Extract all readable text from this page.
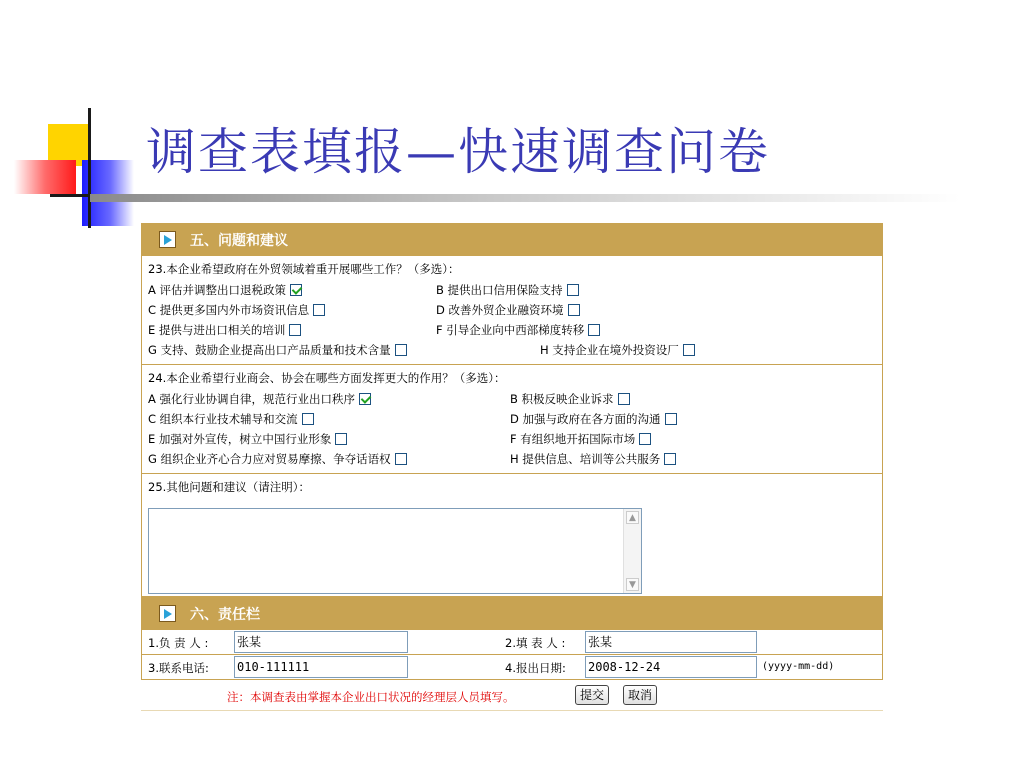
调查表填报—快速调查问卷
五、问题和建议
23.本企业希望政府在外贸领域着重开展哪些工作？（多选）：
A 评估并调整出口退税政策	B 提供出口信用保险支持
C 提供更多国内外市场资讯信息	D 改善外贸企业融资环境
E 提供与进出口相关的培训	F 引导企业向中西部梯度转移
G 支持、鼓励企业提高出口产品质量和技术含量	H 支持企业在境外投资设厂
24.本企业希望行业商会、协会在哪些方面发挥更大的作用？（多选）：
A 强化行业协调自律，规范行业出口秩序	B 积极反映企业诉求
C 组织本行业技术辅导和交流	D 加强与政府在各方面的沟通
E 加强对外宣传，树立中国行业形象	F 有组织地开拓国际市场
G 组织企业齐心合力应对贸易摩擦、争夺话语权	H 提供信息、培训等公共服务
25.其他问题和建议（请注明）：
▲
▼
六、责任栏
1.负 责 人 : 张某	2.填 表 人 : 张某
3.联系电话: 010-111111	4.报出日期: 2008-12-24	(yyyy-mm-dd)
注：本调查表由掌握本企业出口状况的经理层人员填写。	提交	取消
